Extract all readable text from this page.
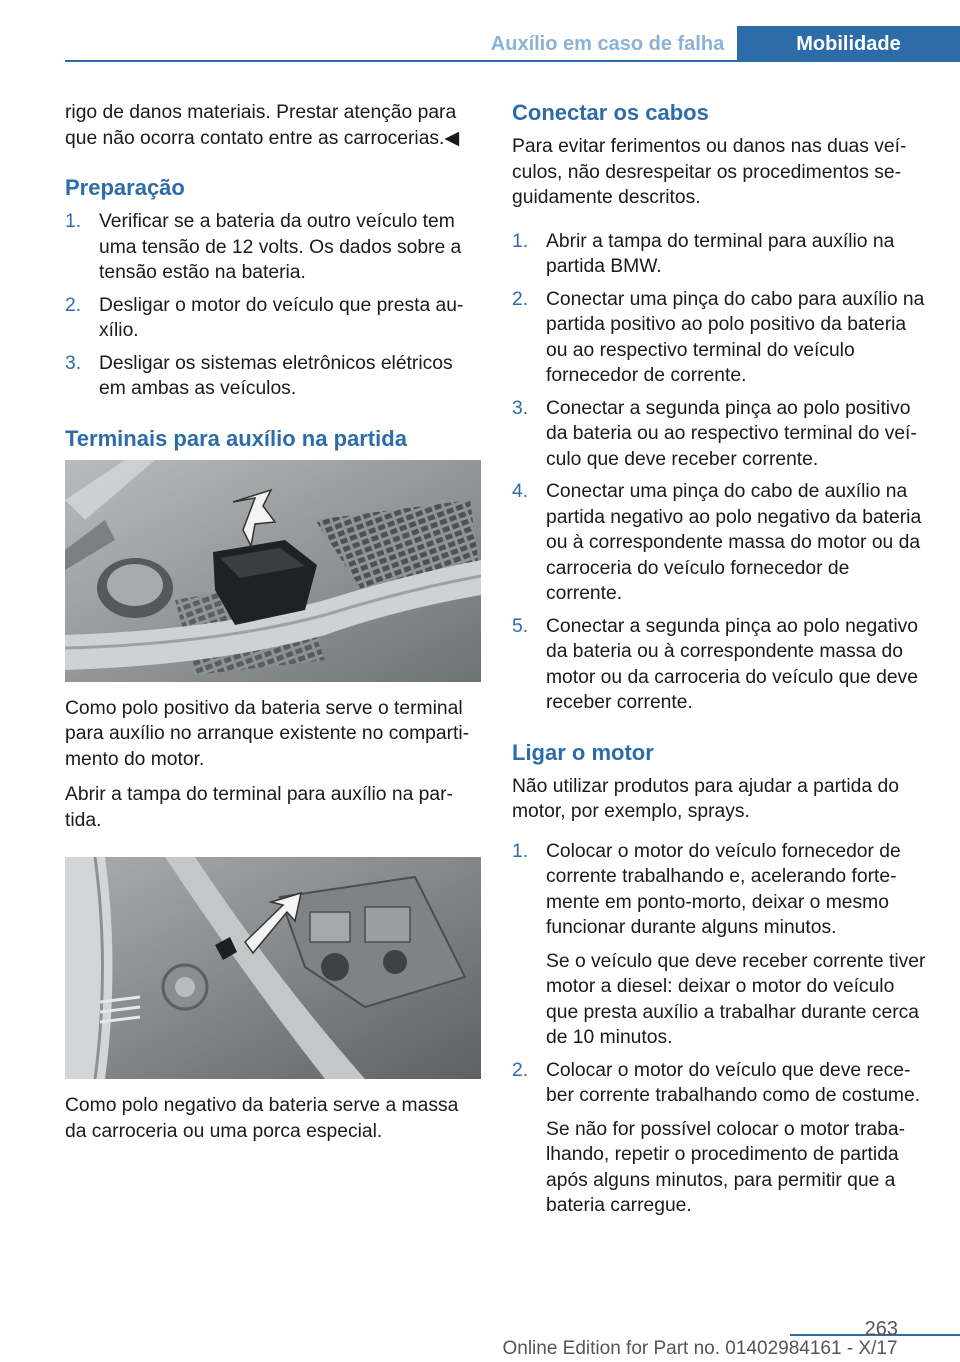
Auxílio em caso de falha	Mobilidade

rigo de danos materiais. Prestar atenção para que não ocorra contato entre as carrocerias.◀

Preparação
1. Verificar se a bateria da outro veículo tem uma tensão de 12 volts. Os dados sobre a tensão estão na bateria.
2. Desligar o motor do veículo que presta auxílio.
3. Desligar os sistemas eletrônicos elétricos em ambas as veículos.
Terminais para auxílio na partida

Como polo positivo da bateria serve o terminal para auxílio no arranque existente no compartimento do motor.

Abrir a tampa do terminal para auxílio na partida.

Como polo negativo da bateria serve a massa da carroceria ou uma porca especial.

Conectar os cabos

Para evitar ferimentos ou danos nas duas veículos, não desrespeitar os procedimentos seguidamente descritos.

1. Abrir a tampa do terminal para auxílio na partida BMW.
2. Conectar uma pinça do cabo para auxílio na partida positivo ao polo positivo da bateria ou ao respectivo terminal do veículo fornecedor de corrente.
3. Conectar a segunda pinça ao polo positivo da bateria ou ao respectivo terminal do veículo que deve receber corrente.
4. Conectar uma pinça do cabo de auxílio na partida negativo ao polo negativo da bateria ou à correspondente massa do motor ou da carroceria do veículo fornecedor de corrente.
5. Conectar a segunda pinça ao polo negativo da bateria ou à correspondente massa do motor ou da carroceria do veículo que deve receber corrente.
Ligar o motor

Não utilizar produtos para ajudar a partida do motor, por exemplo, sprays.

1. Colocar o motor do veículo fornecedor de corrente trabalhando e, acelerando fortemente em ponto-morto, deixar o mesmo funcionar durante alguns minutos.
Se o veículo que deve receber corrente tiver motor a diesel: deixar o motor do veículo que presta auxílio a trabalhar durante cerca de 10 minutos.
2. Colocar o motor do veículo que deve receber corrente trabalhando como de costume.
Se não for possível colocar o motor trabalhando, repetir o procedimento de partida após alguns minutos, para permitir que a bateria carregue.
263
Online Edition for Part no. 01402984161 - X/17
